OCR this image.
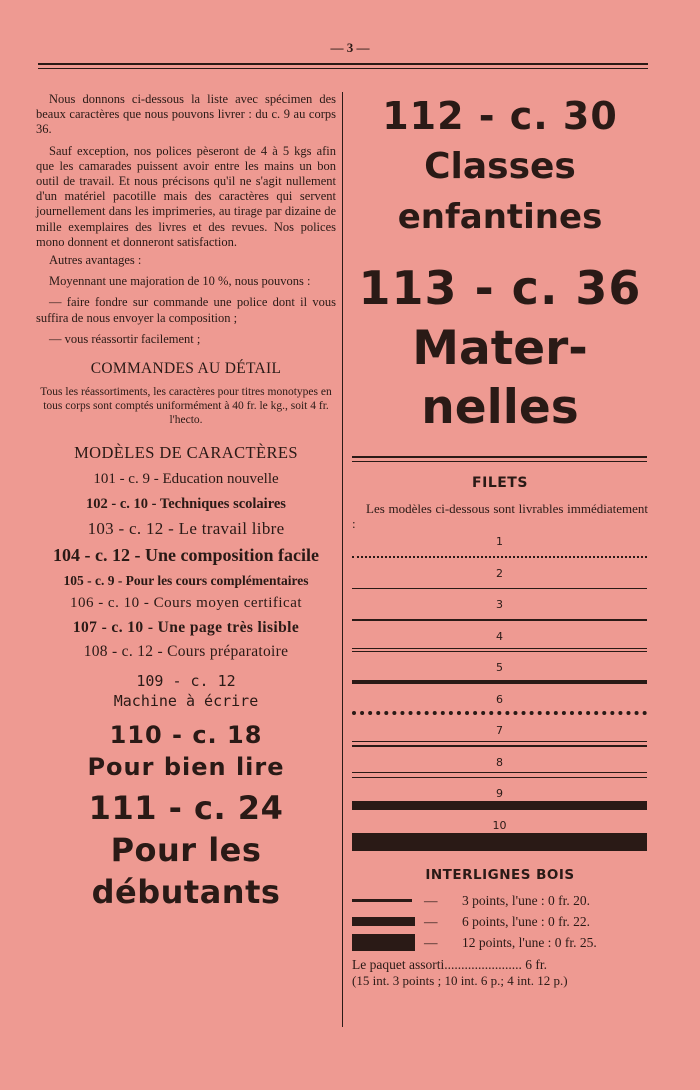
— 3 —

Nous donnons ci-dessous la liste avec spécimen des beaux caractères que nous pouvons livrer : du c. 9 au corps 36.

Sauf exception, nos polices pèseront de 4 à 5 kgs afin que les camarades puissent avoir entre les mains un bon outil de travail. Et nous précisons qu'il ne s'agit nullement d'un matériel pacotille mais des caractères qui servent journellement dans les imprimeries, au tirage par dizaine de mille exemplaires des livres et des revues. Nos polices mono donnent et donneront satisfaction.

Autres avantages :

Moyennant une majoration de 10 %, nous pouvons :

— faire fondre sur commande une police dont il vous suffira de nous envoyer la composition ;

— vous réassortir facilement ;

COMMANDES AU DÉTAIL
Tous les réassortiments, les caractères pour titres monotypes en tous corps sont comptés uniformément à 40 fr. le kg., soit 4 fr. l'hecto.
MODÈLES DE CARACTÈRES

101 - c. 9 - Education nouvelle

102 - c. 10 - Techniques scolaires

103 - c. 12 - Le travail libre

104 - c. 12 - Une composition facile

105 - c. 9 - Pour les cours complémentaires

106 - c. 10 - Cours moyen certificat

107 - c. 10 - Une page très lisible

108 - c. 12 - Cours préparatoire

109 - c. 12

Machine à écrire

110 - c. 18

Pour bien lire

111 - c. 24

Pour les

débutants

112 - c. 30
Classes
enfantines
113 - c. 36
Mater-
nelles
FILETS
Les modèles ci-dessous sont livrables immédiatement :
1
2
3
4
5
6
7
8
9
10
INTERLIGNES BOIS
— 3 points, l'une : 0 fr. 20.
— 6 points, l'une : 0 fr. 22.
— 12 points, l'une : 0 fr. 25.
Le paquet assorti....................... 6 fr.
(15 int. 3 points ; 10 int. 6 p.; 4 int. 12 p.)
